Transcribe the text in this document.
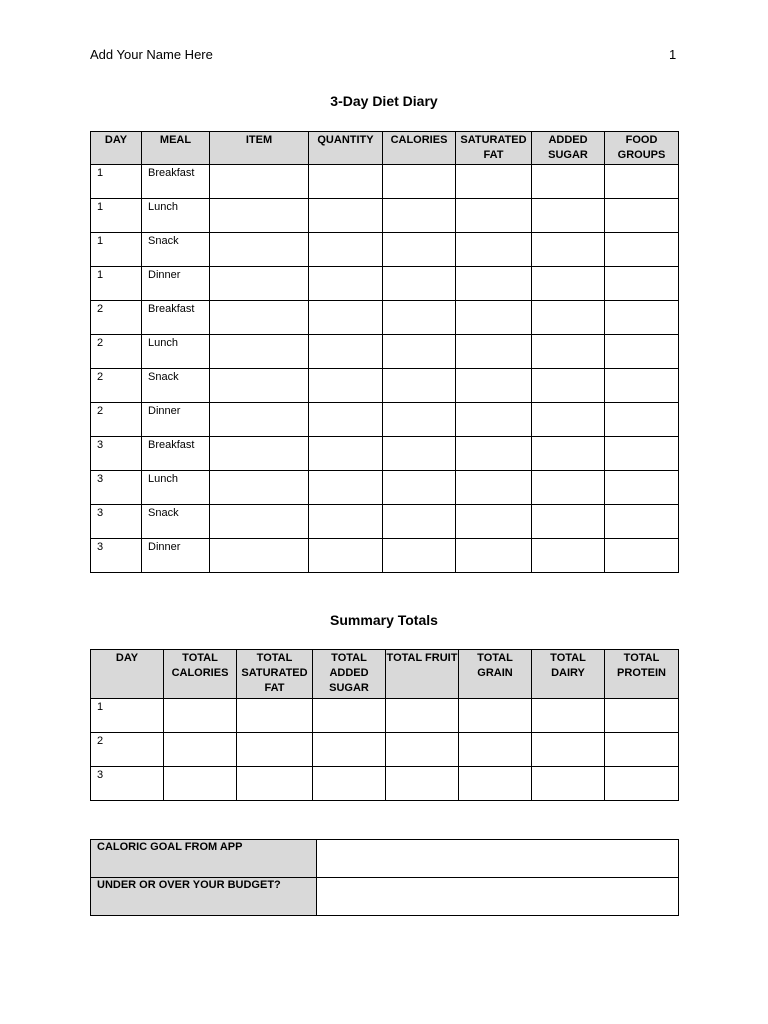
Add Your Name Here	1
3-Day Diet Diary
DAY	MEAL	ITEM	QUANTITY	CALORIES	SATURATED FAT	ADDED SUGAR	FOOD GROUPS
1	Breakfast						
1	Lunch						
1	Snack						
1	Dinner						
2	Breakfast						
2	Lunch						
2	Snack						
2	Dinner						
3	Breakfast						
3	Lunch						
3	Snack						
3	Dinner						
Summary Totals
DAY	TOTAL CALORIES	TOTAL SATURATED FAT	TOTAL ADDED SUGAR	TOTAL FRUIT	TOTAL GRAIN	TOTAL DAIRY	TOTAL PROTEIN
1							
2							
3							
CALORIC GOAL FROM APP	
UNDER OR OVER YOUR BUDGET?	
